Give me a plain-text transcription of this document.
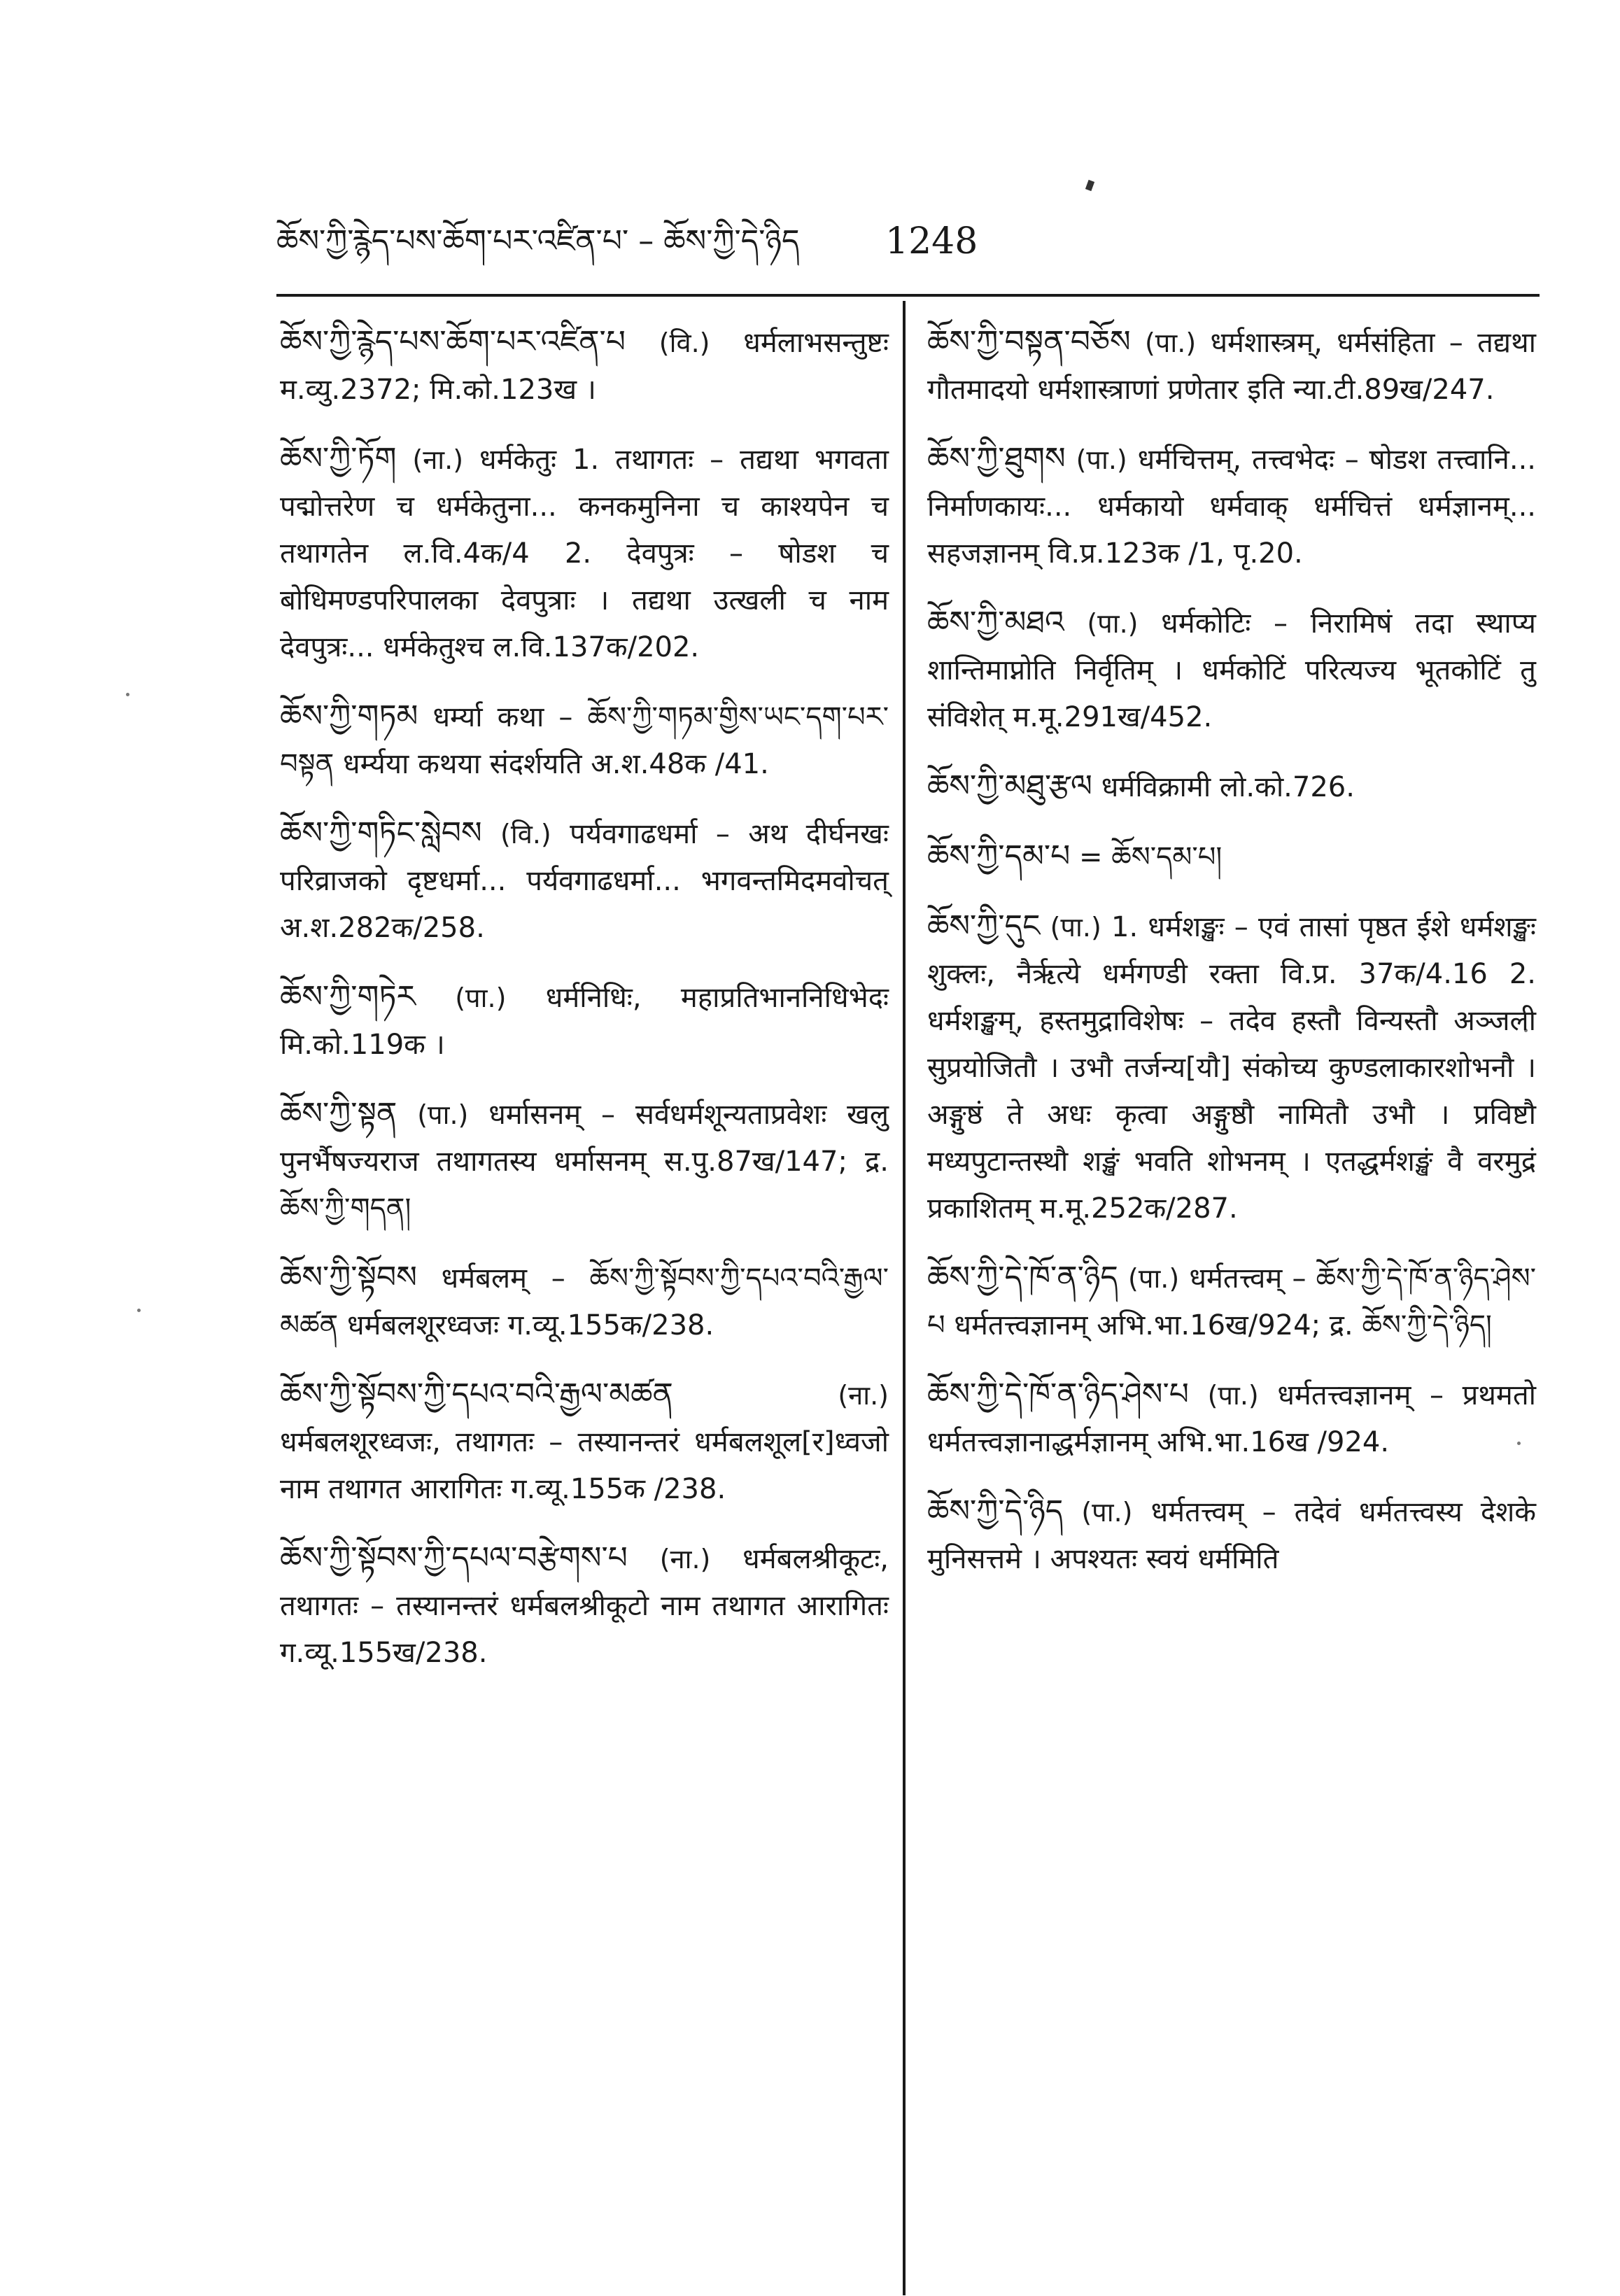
ཆོས་ཀྱི་རྙེད་པས་ཆོག་པར་འཛིན་པ་ – ཆོས་ཀྱི་དེ་ཉིད 1248

ཆོས་ཀྱི་རྙེད་པས་ཆོག་པར་འཛིན་པ (वि.) धर्मलाभसन्तुष्टः म.व्यु.2372; मि.को.123ख ।

ཆོས་ཀྱི་ཏོག (ना.) धर्मकेतुः 1. तथागतः – तद्यथा भगवता पद्मोत्तरेण च धर्मकेतुना... कनकमुनिना च काश्यपेन च तथागतेन ल.वि.4क/4 2. देवपुत्रः – षोडश च बोधिमण्डपरिपालका देवपुत्राः । तद्यथा उत्खली च नाम देवपुत्रः... धर्मकेतुश्च ल.वि.137क/202.

ཆོས་ཀྱི་གཏམ धर्म्या कथा – ཆོས་ཀྱི་གཏམ་གྱིས་ཡང་དག་པར་བསྟན धर्म्यया कथया संदर्शयति अ.श.48क /41.

ཆོས་ཀྱི་གཏིང་སླེབས (वि.) पर्यवगाढधर्मा – अथ दीर्घनखः परिव्राजको दृष्टधर्मा... पर्यवगाढधर्मा... भगवन्तमिदमवोचत् अ.श.282क/258.

ཆོས་ཀྱི་གཏེར (पा.) धर्मनिधिः, महाप्रतिभाननिधिभेदः मि.को.119क ।

ཆོས་ཀྱི་སྟན (पा.) धर्मासनम् – सर्वधर्मशून्यताप्रवेशः खलु पुनर्भैषज्यराज तथागतस्य धर्मासनम् स.पु.87ख/147; द्र. ཆོས་ཀྱི་གདན།

ཆོས་ཀྱི་སྟོབས धर्मबलम् – ཆོས་ཀྱི་སྟོབས་ཀྱི་དཔའ་བའི་རྒྱལ་མཚན धर्मबलशूरध्वजः ग.व्यू.155क/238.

ཆོས་ཀྱི་སྟོབས་ཀྱི་དཔའ་བའི་རྒྱལ་མཚན	(ना.) धर्मबलशूरध्वजः, तथागतः – तस्यानन्तरं धर्मबलशूल[र]ध्वजो नाम तथागत आरागितः ग.व्यू.155क /238.

ཆོས་ཀྱི་སྟོབས་ཀྱི་དཔལ་བརྩེགས་པ (ना.) धर्मबलश्रीकूटः, तथागतः – तस्यानन्तरं धर्मबलश्रीकूटो नाम तथागत आरागितः ग.व्यू.155ख/238.

ཆོས་ཀྱི་བསྟན་བཅོས (पा.) धर्मशास्त्रम्, धर्मसंहिता – तद्यथा गौतमादयो धर्मशास्त्राणां प्रणेतार इति न्या.टी.89ख/247.

ཆོས་ཀྱི་ཐུགས (पा.) धर्मचित्तम्, तत्त्वभेदः – षोडश तत्त्वानि... निर्माणकायः... धर्मकायो धर्मवाक् धर्मचित्तं धर्मज्ञानम्... सहजज्ञानम् वि.प्र.123क /1, पृ.20.

ཆོས་ཀྱི་མཐའ (पा.) धर्मकोटिः – निरामिषं तदा स्थाप्य शान्तिमाप्नोति निर्वृतिम् । धर्मकोटिं परित्यज्य भूतकोटिं तु संविशेत् म.मू.291ख/452.

ཆོས་ཀྱི་མཐུ་རྩལ धर्मविक्रामी लो.को.726.

ཆོས་ཀྱི་དམ་པ = ཆོས་དམ་པ།

ཆོས་ཀྱི་དུང (पा.) 1. धर्मशङ्खः – एवं तासां पृष्ठत ईशे धर्मशङ्खः शुक्लः, नैर्ऋत्ये धर्मगण्डी रक्ता वि.प्र. 37क/4.16 2. धर्मशङ्खम्, हस्तमुद्राविशेषः – तदेव हस्तौ विन्यस्तौ अञ्जली सुप्रयोजितौ । उभौ तर्जन्य[यौ] संकोच्य कुण्डलाकारशोभनौ । अङ्गुष्ठं ते अधः कृत्वा अङ्गुष्ठौ नामितौ उभौ । प्रविष्टौ मध्यपुटान्तस्थौ शङ्खं भवति शोभनम् । एतद्धर्मशङ्खं वै वरमुद्रं प्रकाशितम् म.मू.252क/287.

ཆོས་ཀྱི་དེ་ཁོ་ན་ཉིད (पा.) धर्मतत्त्वम् – ཆོས་ཀྱི་དེ་ཁོ་ན་ཉིད་ཤེས་པ धर्मतत्त्वज्ञानम् अभि.भा.16ख/924; द्र. ཆོས་ཀྱི་དེ་ཉིད།

ཆོས་ཀྱི་དེ་ཁོ་ན་ཉིད་ཤེས་པ (पा.) धर्मतत्त्वज्ञानम् – प्रथमतो धर्मतत्त्वज्ञानाद्धर्मज्ञानम् अभि.भा.16ख /924.

ཆོས་ཀྱི་དེ་ཉིད (पा.) धर्मतत्त्वम् – तदेवं धर्मतत्त्वस्य देशके मुनिसत्तमे । अपश्यतः स्वयं धर्ममिति
